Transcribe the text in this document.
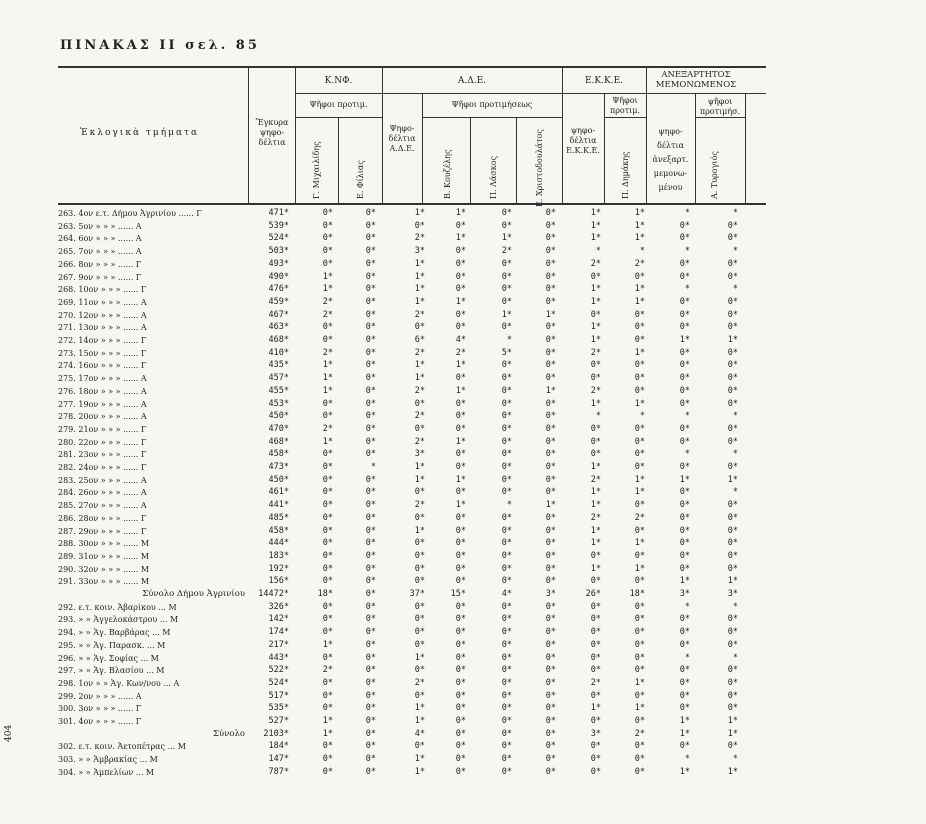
ΠΙΝΑΚΑΣ II σελ. 85
Ἐκλογικὰ τμήματα
Ἔγκυρα
ψηφο-
δέλτια
Κ.ΝΦ.
Ψῆφοι προτιμ.
Γ. Μιχαιλίδης	Ε. Φίλιας
Α.Δ.Ε.
Ψηφο-
δέλτια
Α.Δ.Ε.
Ψῆφοι προτιμήσεως
Β. Κουζέλης	Π. Λάσκος	Ε. Χριστοδουλάτος
Ε.Κ.Κ.Ε.
ψηφο-
δέλτια
Ε.Κ.Κ.Ε.
Ψῆφοι
προτιμ.
Π. Δημάκης
ΑΝΕΞΑΡΤΗΤΟΣ
ΜΕΜΟΝΩΜΕΝΟΣ
ψηφο-
δέλτια
ἀνεξαρτ.
μεμονω-
μένου
ψῆφοι
προτιμήσ.
Α. Τυρογιός
263. 4ον ε.τ. Δήμου Ἀγρινίου ...... Γ	471*	0*	0*	1*	1*	0*	0*	1*	1*	*	*
263. 5ον » » » ...... Α	539*	0*	0*	0*	0*	0*	0*	1*	1*	0*	0*
264. 6ον » » » ...... Α	524*	0*	0*	2*	1*	1*	0*	1*	1*	0*	0*
265. 7ον » » » ...... Α	503*	0*	0*	3*	0*	2*	0*	*	*	*	*
266. 8ον » » » ...... Γ	493*	0*	0*	1*	0*	0*	0*	2*	2*	0*	0*
267. 9ον » » » ...... Γ	490*	1*	0*	1*	0*	0*	0*	0*	0*	0*	0*
268. 10ον » » » ...... Γ	476*	1*	0*	1*	0*	0*	0*	1*	1*	*	*
269. 11ον » » » ...... Α	459*	2*	0*	1*	1*	0*	0*	1*	1*	0*	0*
270. 12ον » » » ...... Α	467*	2*	0*	2*	0*	1*	1*	0*	0*	0*	0*
271. 13ον » » » ...... Α	463*	0*	0*	0*	0*	0*	0*	1*	0*	0*	0*
272. 14ον » » » ...... Γ	468*	0*	0*	6*	4*	*	0*	1*	0*	1*	1*
273. 15ον » » » ...... Γ	410*	2*	0*	2*	2*	5*	0*	2*	1*	0*	0*
274. 16ον » » » ...... Γ	435*	1*	0*	1*	1*	0*	0*	0*	0*	0*	0*
275. 17ον » » » ...... Α	457*	1*	0*	1*	0*	0*	0*	0*	0*	0*	0*
276. 18ον » » » ...... Α	455*	1*	0*	2*	1*	0*	1*	2*	0*	0*	0*
277. 19ον » » » ...... Α	453*	0*	0*	0*	0*	0*	0*	1*	1*	0*	0*
278. 20ον » » » ...... Α	450*	0*	0*	2*	0*	0*	0*	*	*	*	*
279. 21ον » » » ...... Γ	470*	2*	0*	0*	0*	0*	0*	0*	0*	0*	0*
280. 22ον » » » ...... Γ	468*	1*	0*	2*	1*	0*	0*	0*	0*	0*	0*
281. 23ον » » » ...... Γ	458*	0*	0*	3*	0*	0*	0*	0*	0*	*	*
282. 24ον » » » ...... Γ	473*	0*	*	1*	0*	0*	0*	1*	0*	0*	0*
283. 25ον » » » ...... Α	450*	0*	0*	1*	1*	0*	0*	2*	1*	1*	1*
284. 26ον » » » ...... Α	461*	0*	0*	0*	0*	0*	0*	1*	1*	0*	*
285. 27ον » » » ...... Α	441*	0*	0*	2*	1*	*	1*	1*	0*	0*	0*
286. 28ον » » » ...... Γ	485*	0*	0*	0*	0*	0*	0*	2*	2*	0*	0*
287. 29ον » » » ...... Γ	458*	0*	0*	1*	0*	0*	0*	1*	0*	0*	0*
288. 30ον » » » ...... Μ	444*	0*	0*	0*	0*	0*	0*	1*	1*	0*	0*
289. 31ον » » » ...... Μ	183*	0*	0*	0*	0*	0*	0*	0*	0*	0*	0*
290. 32ον » » » ...... Μ	192*	0*	0*	0*	0*	0*	0*	1*	1*	0*	0*
291. 33ον » » » ...... Μ	156*	0*	0*	0*	0*	0*	0*	0*	0*	1*	1*
Σύνολο Δήμου Ἀγρινίου 14472*	18*	0*	37*	15*	4*	3*	26*	18*	3*	3*
292. ε.τ. κοιν. Ἀβαρίκου ... Μ	326*	0*	0*	0*	0*	0*	0*	0*	0*	*	*
293. » » Ἀγγελοκάστρου ... Μ	142*	0*	0*	0*	0*	0*	0*	0*	0*	0*	0*
294. » » Ἁγ. Βαρβάρας ... Μ	174*	0*	0*	0*	0*	0*	0*	0*	0*	0*	0*
295. » » Ἁγ. Παρασκ. ... Μ	217*	1*	0*	0*	0*	0*	0*	0*	0*	0*	0*
296. » » Ἁγ. Σοφίας ... Μ	443*	0*	0*	1*	0*	0*	0*	0*	0*	*	*
297. » » Ἁγ. Βλασίου ... Μ	522*	2*	0*	0*	0*	0*	0*	0*	0*	0*	0*
298. 1ον » » Ἁγ. Κων/νου ... Α	524*	0*	0*	2*	0*	0*	0*	2*	1*	0*	0*
299. 2ον » » » ...... Α	517*	0*	0*	0*	0*	0*	0*	0*	0*	0*	0*
300. 3ον » » » ...... Γ	535*	0*	0*	1*	0*	0*	0*	1*	1*	0*	0*
301. 4ον » » » ...... Γ	527*	1*	0*	1*	0*	0*	0*	0*	0*	1*	1*
Σύνολο 2103*	1*	0*	4*	0*	0*	0*	3*	2*	1*	1*
302. ε.τ. κοιν. Ἀετοπέτρας ... Μ	184*	0*	0*	0*	0*	0*	0*	0*	0*	0*	0*
303. » » Ἀμβρακίας ... Μ	147*	0*	0*	1*	0*	0*	0*	0*	0*	*	*
304. » » Ἀμπελίων ... Μ	787*	0*	0*	1*	0*	0*	0*	0*	0*	1*	1*
404
